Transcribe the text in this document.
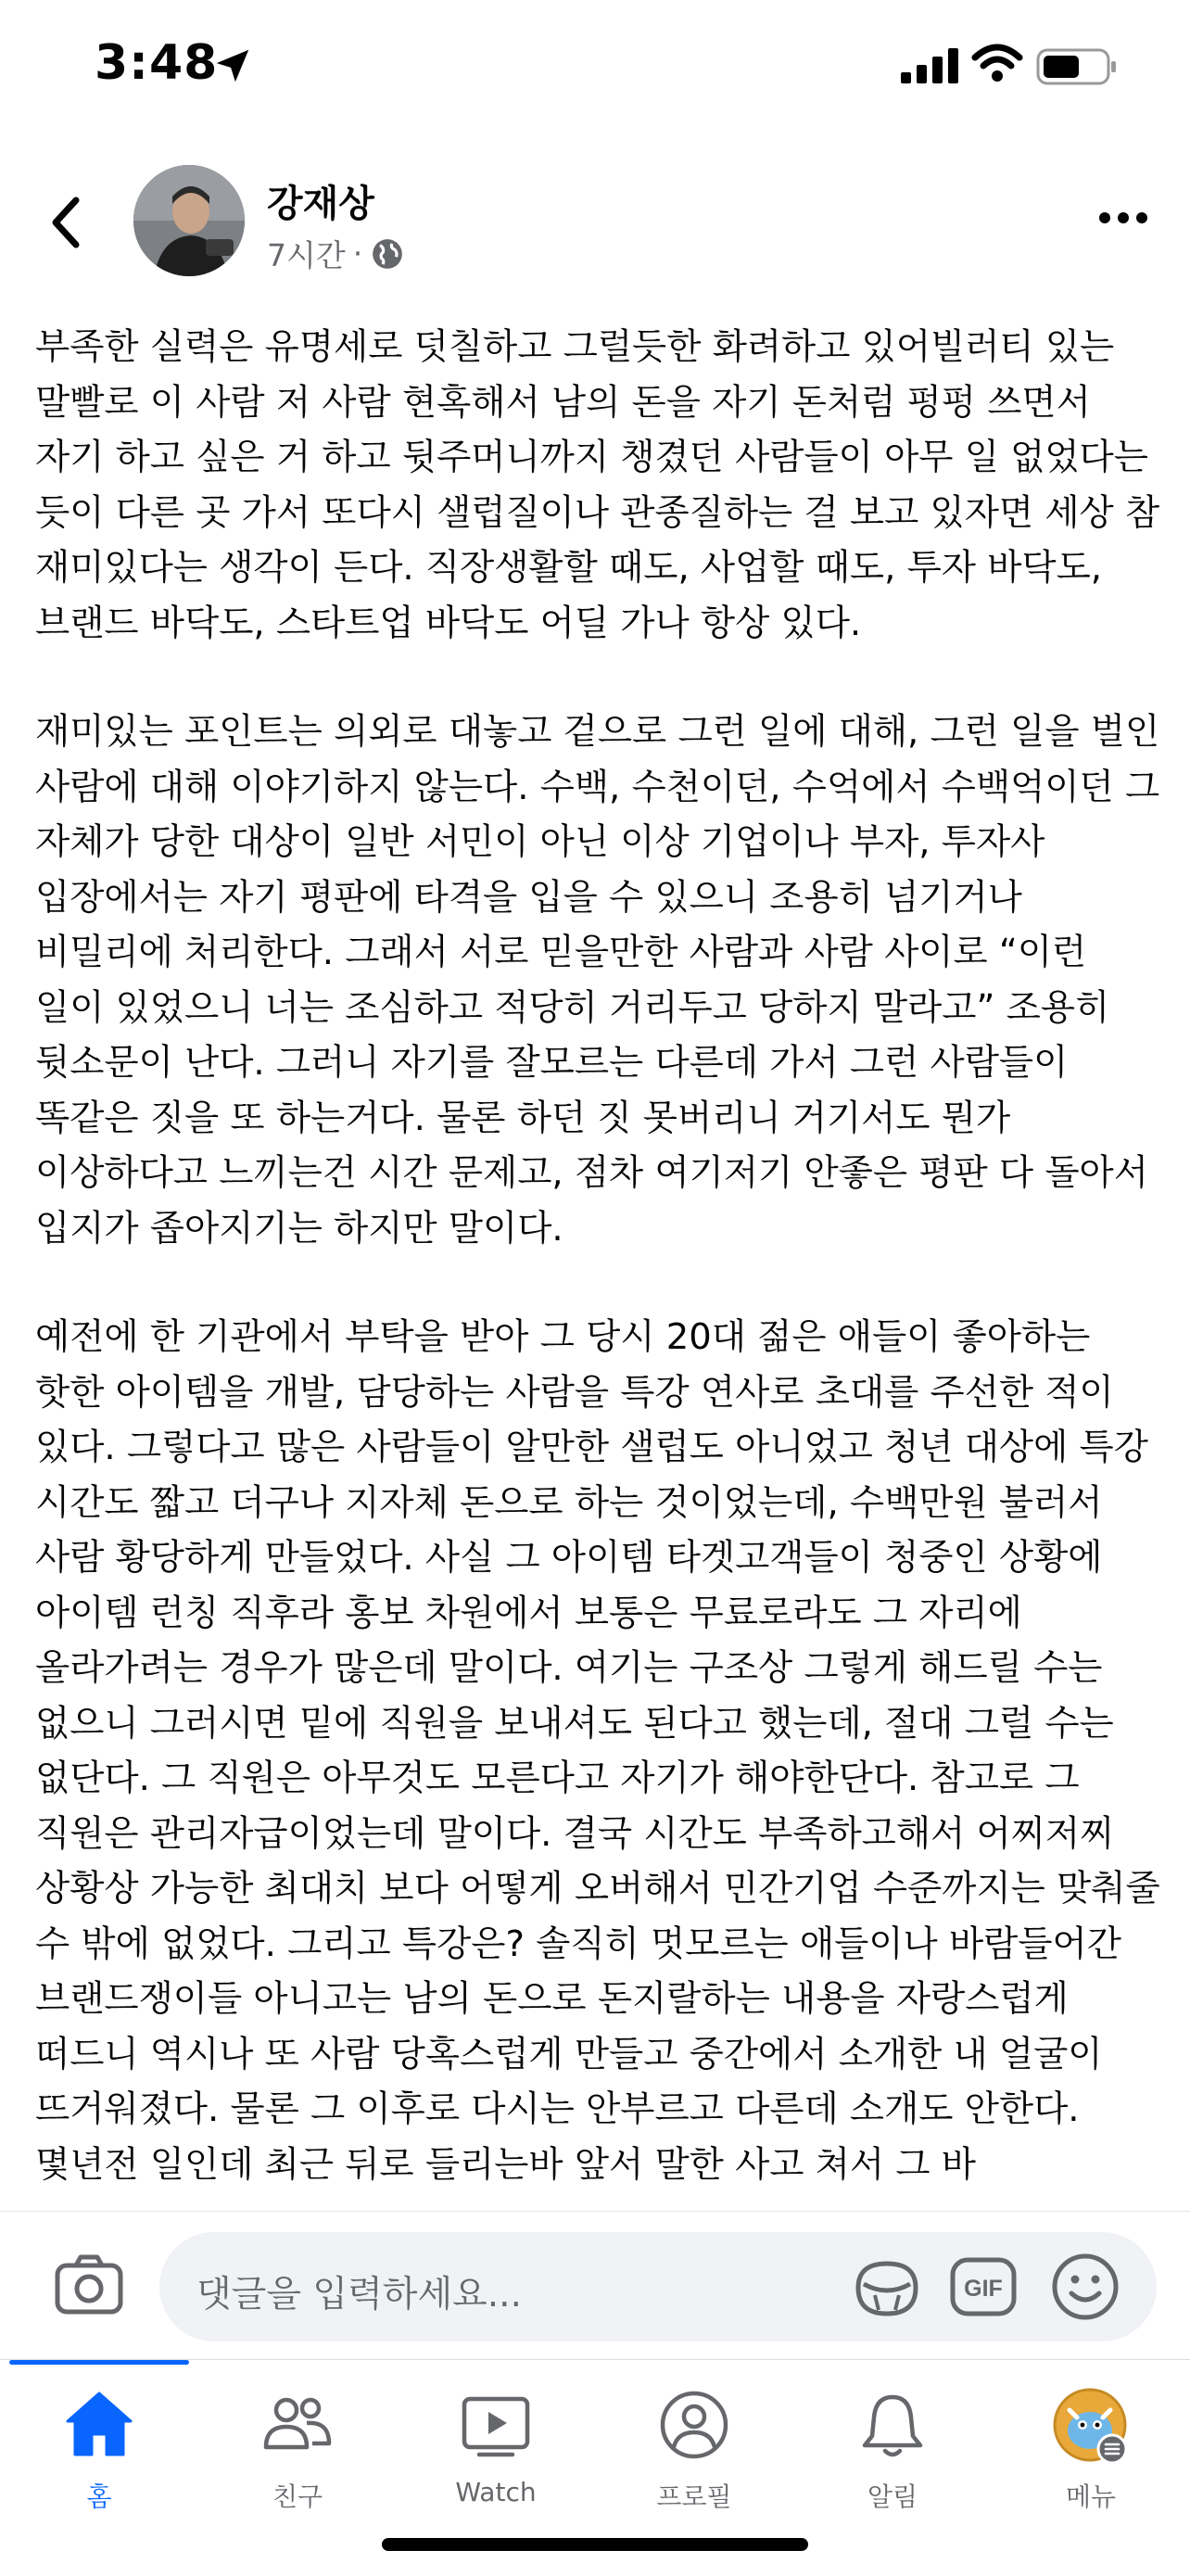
3:48
강재상
7시간 ·

부족한 실력은 유명세로 덧칠하고 그럴듯한 화려하고 있어빌러티 있는 말빨로 이 사람 저 사람 현혹해서 남의 돈을 자기 돈처럼 펑펑 쓰면서 자기 하고 싶은 거 하고 뒷주머니까지 챙겼던 사람들이 아무 일 없었다는 듯이 다른 곳 가서 또다시 샐럽질이나 관종질하는 걸 보고 있자면 세상 참 재미있다는 생각이 든다. 직장생활할 때도, 사업할 때도, 투자 바닥도, 브랜드 바닥도, 스타트업 바닥도 어딜 가나 항상 있다.

재미있는 포인트는 의외로 대놓고 겉으로 그런 일에 대해, 그런 일을 벌인 사람에 대해 이야기하지 않는다. 수백, 수천이던, 수억에서 수백억이던 그 자체가 당한 대상이 일반 서민이 아닌 이상 기업이나 부자, 투자사 입장에서는 자기 평판에 타격을 입을 수 있으니 조용히 넘기거나 비밀리에 처리한다. 그래서 서로 믿을만한 사람과 사람 사이로 “이런 일이 있었으니 너는 조심하고 적당히 거리두고 당하지 말라고” 조용히 뒷소문이 난다. 그러니 자기를 잘모르는 다른데 가서 그런 사람들이 똑같은 짓을 또 하는거다. 물론 하던 짓 못버리니 거기서도 뭔가 이상하다고 느끼는건 시간 문제고, 점차 여기저기 안좋은 평판 다 돌아서 입지가 좁아지기는 하지만 말이다.

예전에 한 기관에서 부탁을 받아 그 당시 20대 젊은 애들이 좋아하는 핫한 아이템을 개발, 담당하는 사람을 특강 연사로 초대를 주선한 적이 있다. 그렇다고 많은 사람들이 알만한 샐럽도 아니었고 청년 대상에 특강 시간도 짧고 더구나 지자체 돈으로 하는 것이었는데, 수백만원 불러서 사람 황당하게 만들었다. 사실 그 아이템 타겟고객들이 청중인 상황에 아이템 런칭 직후라 홍보 차원에서 보통은 무료로라도 그 자리에 올라가려는 경우가 많은데 말이다. 여기는 구조상 그렇게 해드릴 수는 없으니 그러시면 밑에 직원을 보내셔도 된다고 했는데, 절대 그럴 수는 없단다. 그 직원은 아무것도 모른다고 자기가 해야한단다. 참고로 그 직원은 관리자급이었는데 말이다. 결국 시간도 부족하고해서 어찌저찌 상황상 가능한 최대치 보다 어떻게 오버해서 민간기업 수준까지는 맞춰줄 수 밖에 없었다. 그리고 특강은? 솔직히 멋모르는 애들이나 바람들어간 브랜드쟁이들 아니고는 남의 돈으로 돈지랄하는 내용을 자랑스럽게 떠드니 역시나 또 사람 당혹스럽게 만들고 중간에서 소개한 내 얼굴이 뜨거워졌다. 물론 그 이후로 다시는 안부르고 다른데 소개도 안한다. 몇년전 일인데 최근 뒤로 들리는바 앞서 말한 사고 쳐서 그 바

댓글을 입력하세요...	GIF
홈	친구	Watch	프로필	알림	메뉴
